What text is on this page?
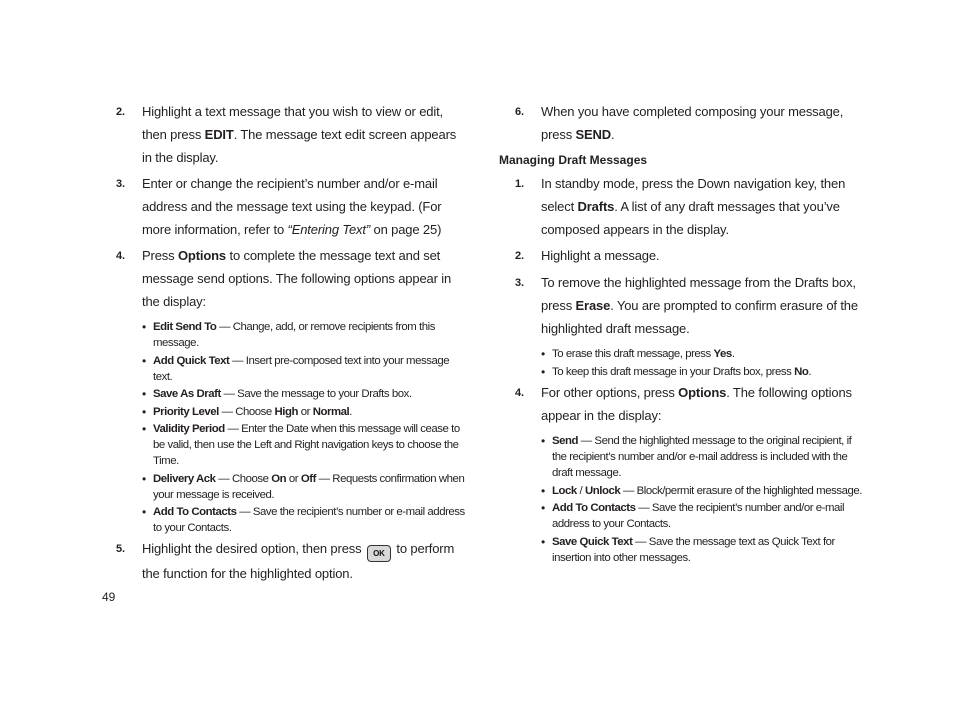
2.	Highlight a text message that you wish to view or edit, then press EDIT. The message text edit screen appears in the display.
3.	Enter or change the recipient’s number and/or e-mail address and the message text using the keypad. (For more information, refer to “Entering Text” on page 25)
4.	Press Options to complete the message text and set message send options. The following options appear in the display:
• Edit Send To — Change, add, or remove recipients from this message.
• Add Quick Text — Insert pre-composed text into your message text.
• Save As Draft — Save the message to your Drafts box.
• Priority Level — Choose High or Normal.
• Validity Period — Enter the Date when this message will cease to be valid, then use the Left and Right navigation keys to choose the Time.
• Delivery Ack — Choose On or Off — Requests confirmation when your message is received.
• Add To Contacts — Save the recipient’s number or e-mail address to your Contacts.
5.	Highlight the desired option, then press OK to perform the function for the highlighted option.
6.	When you have completed composing your message, press SEND.
Managing Draft Messages
1.	In standby mode, press the Down navigation key, then select Drafts. A list of any draft messages that you’ve composed appears in the display.
2.	Highlight a message.
3.	To remove the highlighted message from the Drafts box, press Erase. You are prompted to confirm erasure of the highlighted draft message.
• To erase this draft message, press Yes.
• To keep this draft message in your Drafts box, press No.
4.	For other options, press Options. The following options appear in the display:
• Send — Send the highlighted message to the original recipient, if the recipient’s number and/or e-mail address is included with the draft message.
• Lock / Unlock — Block/permit erasure of the highlighted message.
• Add To Contacts — Save the recipient’s number and/or e-mail address to your Contacts.
• Save Quick Text — Save the message text as Quick Text for insertion into other messages.
49
